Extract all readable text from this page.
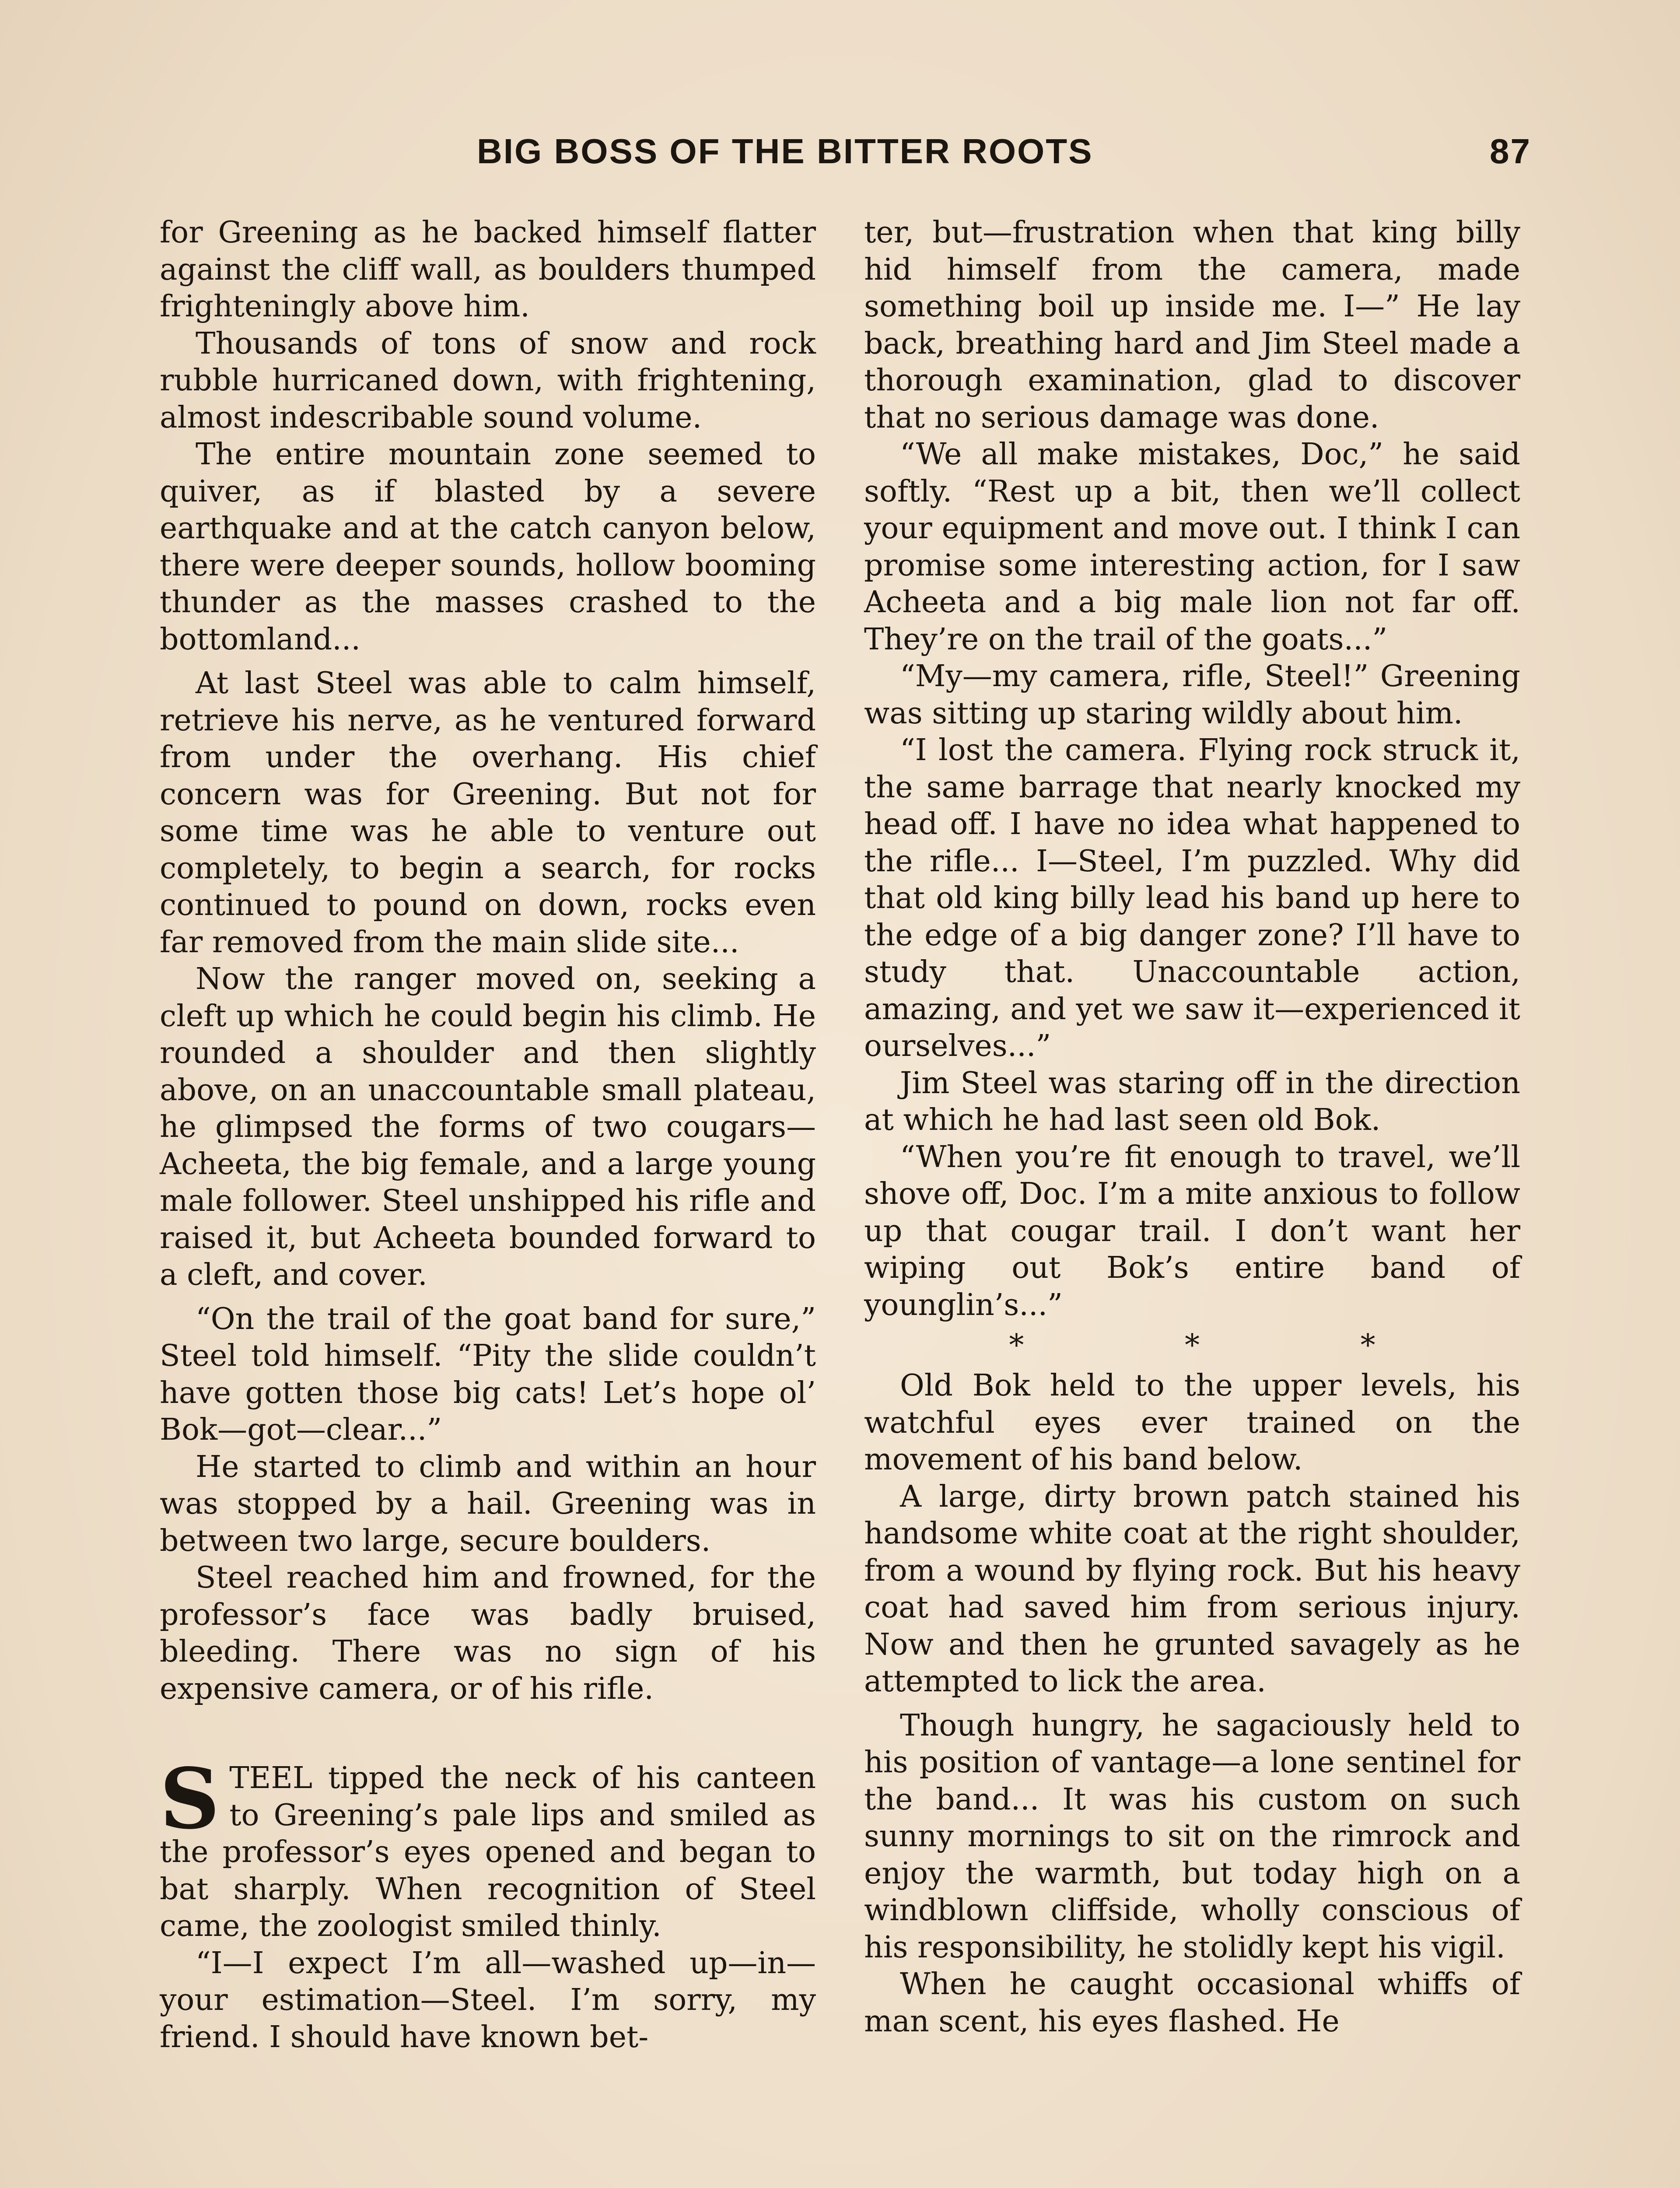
BIG BOSS OF THE BITTER ROOTS	87

for Greening as he backed himself flatter against the cliff wall, as boulders thumped frighteningly above him.

Thousands of tons of snow and rock rubble hurricaned down, with frightening, almost indescribable sound volume.

The entire mountain zone seemed to quiver, as if blasted by a severe earthquake and at the catch canyon below, there were deeper sounds, hollow booming thunder as the masses crashed to the bottomland...

At last Steel was able to calm himself, retrieve his nerve, as he ventured forward from under the overhang. His chief concern was for Greening. But not for some time was he able to venture out completely, to begin a search, for rocks continued to pound on down, rocks even far removed from the main slide site...

Now the ranger moved on, seeking a cleft up which he could begin his climb. He rounded a shoulder and then slightly above, on an unaccountable small plateau, he glimpsed the forms of two cougars—Acheeta, the big female, and a large young male follower. Steel unshipped his rifle and raised it, but Acheeta bounded forward to a cleft, and cover.

“On the trail of the goat band for sure,” Steel told himself. “Pity the slide couldn’t have gotten those big cats! Let’s hope ol’ Bok—got—clear...”

He started to climb and within an hour was stopped by a hail. Greening was in between two large, secure boulders.

Steel reached him and frowned, for the professor’s face was badly bruised, bleeding. There was no sign of his expensive camera, or of his rifle.

STEEL tipped the neck of his canteen to Greening’s pale lips and smiled as the professor’s eyes opened and began to bat sharply. When recognition of Steel came, the zoologist smiled thinly.

“I—I expect I’m all—washed up—in—your estimation—Steel. I’m sorry, my friend. I should have known bet-

ter, but—frustration when that king billy hid himself from the camera, made something boil up inside me. I—” He lay back, breathing hard and Jim Steel made a thorough examination, glad to discover that no serious damage was done.

“We all make mistakes, Doc,” he said softly. “Rest up a bit, then we’ll collect your equipment and move out. I think I can promise some interesting action, for I saw Acheeta and a big male lion not far off. They’re on the trail of the goats...”

“My—my camera, rifle, Steel!” Greening was sitting up staring wildly about him.

“I lost the camera. Flying rock struck it, the same barrage that nearly knocked my head off. I have no idea what happened to the rifle... I—Steel, I’m puzzled. Why did that old king billy lead his band up here to the edge of a big danger zone? I’ll have to study that. Unaccountable action, amazing, and yet we saw it—experienced it ourselves...”

Jim Steel was staring off in the direction at which he had last seen old Bok.

“When you’re fit enough to travel, we’ll shove off, Doc. I’m a mite anxious to follow up that cougar trail. I don’t want her wiping out Bok’s entire band of younglin’s...”

*	*	*

Old Bok held to the upper levels, his watchful eyes ever trained on the movement of his band below.

A large, dirty brown patch stained his handsome white coat at the right shoulder, from a wound by flying rock. But his heavy coat had saved him from serious injury. Now and then he grunted savagely as he attempted to lick the area.

Though hungry, he sagaciously held to his position of vantage—a lone sentinel for the band... It was his custom on such sunny mornings to sit on the rimrock and enjoy the warmth, but today high on a windblown cliffside, wholly conscious of his responsibility, he stolidly kept his vigil.

When he caught occasional whiffs of man scent, his eyes flashed. He
